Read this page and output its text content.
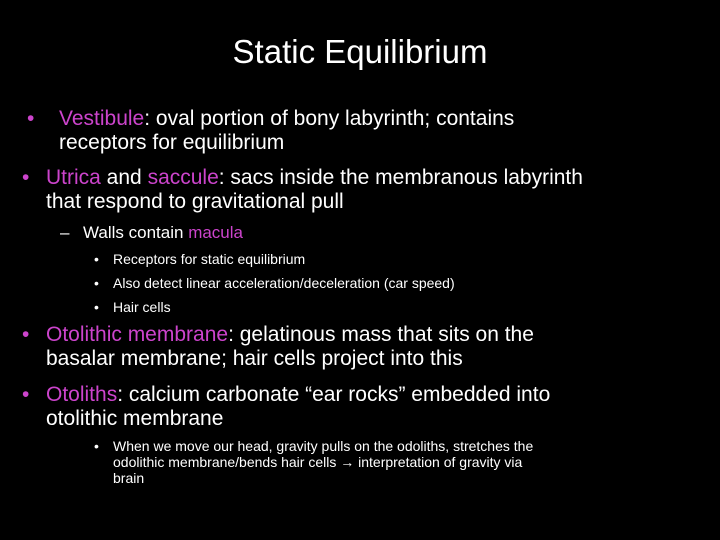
Static Equilibrium
• Vestibule: oval portion of bony labyrinth; contains
receptors for equilibrium
• Utrica and saccule: sacs inside the membranous labyrinth
that respond to gravitational pull
– Walls contain macula
• Receptors for static equilibrium
• Also detect linear acceleration/deceleration (car speed)
• Hair cells
• Otolithic membrane: gelatinous mass that sits on the
basalar membrane; hair cells project into this
• Otoliths: calcium carbonate “ear rocks” embedded into
otolithic membrane
• When we move our head, gravity pulls on the odoliths, stretches the
odolithic membrane/bends hair cells → interpretation of gravity via
brain
